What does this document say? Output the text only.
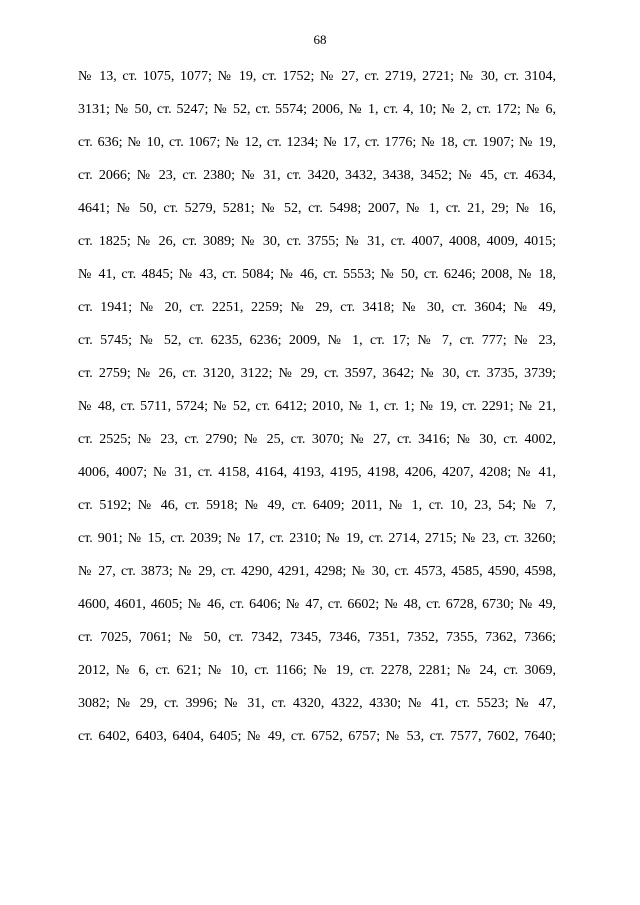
68
№ 13, ст. 1075, 1077; № 19, ст. 1752; № 27, ст. 2719, 2721; № 30, ст. 3104,
3131; № 50, ст. 5247; № 52, ст. 5574; 2006, № 1, ст. 4, 10; № 2, ст. 172; № 6,
ст. 636; № 10, ст. 1067; № 12, ст. 1234; № 17, ст. 1776; № 18, ст. 1907; № 19,
ст. 2066; № 23, ст. 2380; № 31, ст. 3420, 3432, 3438, 3452; № 45, ст. 4634,
4641; № 50, ст. 5279, 5281; № 52, ст. 5498; 2007, № 1, ст. 21, 29; № 16,
ст. 1825; № 26, ст. 3089; № 30, ст. 3755; № 31, ст. 4007, 4008, 4009, 4015;
№ 41, ст. 4845; № 43, ст. 5084; № 46, ст. 5553; № 50, ст. 6246; 2008, № 18,
ст. 1941; № 20, ст. 2251, 2259; № 29, ст. 3418; № 30, ст. 3604; № 49,
ст. 5745; № 52, ст. 6235, 6236; 2009, № 1, ст. 17; № 7, ст. 777; № 23,
ст. 2759; № 26, ст. 3120, 3122; № 29, ст. 3597, 3642; № 30, ст. 3735, 3739;
№ 48, ст. 5711, 5724; № 52, ст. 6412; 2010, № 1, ст. 1; № 19, ст. 2291; № 21,
ст. 2525; № 23, ст. 2790; № 25, ст. 3070; № 27, ст. 3416; № 30, ст. 4002,
4006, 4007; № 31, ст. 4158, 4164, 4193, 4195, 4198, 4206, 4207, 4208; № 41,
ст. 5192; № 46, ст. 5918; № 49, ст. 6409; 2011, № 1, ст. 10, 23, 54; № 7,
ст. 901; № 15, ст. 2039; № 17, ст. 2310; № 19, ст. 2714, 2715; № 23, ст. 3260;
№ 27, ст. 3873; № 29, ст. 4290, 4291, 4298; № 30, ст. 4573, 4585, 4590, 4598,
4600, 4601, 4605; № 46, ст. 6406; № 47, ст. 6602; № 48, ст. 6728, 6730; № 49,
ст. 7025, 7061; № 50, ст. 7342, 7345, 7346, 7351, 7352, 7355, 7362, 7366;
2012, № 6, ст. 621; № 10, ст. 1166; № 19, ст. 2278, 2281; № 24, ст. 3069,
3082; № 29, ст. 3996; № 31, ст. 4320, 4322, 4330; № 41, ст. 5523; № 47,
ст. 6402, 6403, 6404, 6405; № 49, ст. 6752, 6757; № 53, ст. 7577, 7602, 7640;
